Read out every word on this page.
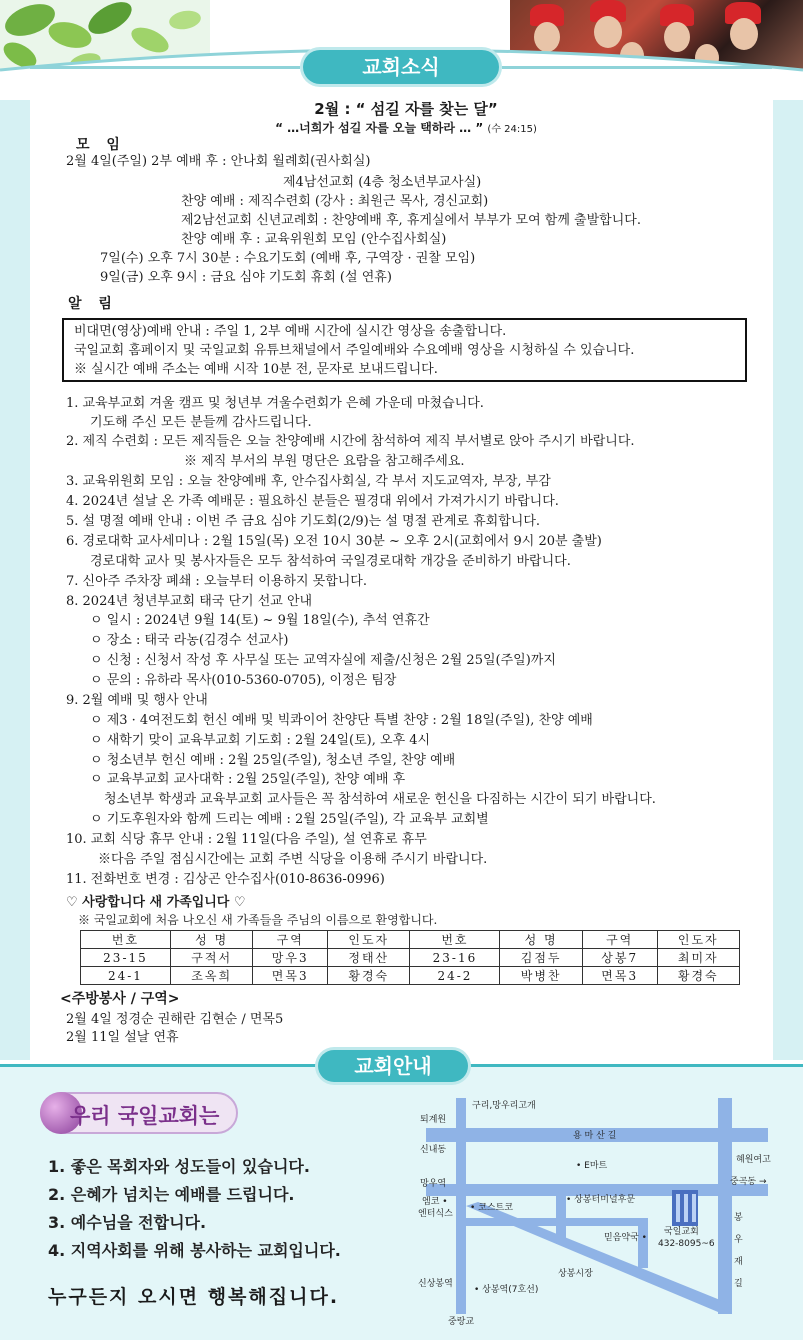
교회소식
2월 : “ 섬길 자를 찾는 달”
“ …너희가 섬길 자를 오늘 택하라 … ” (수 24:15)
모 임
2월 4일(주일) 2부 예배 후 : 안나회 월례회(권사회실)
제4남선교회 (4층 청소년부교사실)
찬양 예배 : 제직수련회 (강사 : 최원근 목사, 경신교회)
제2남선교회 신년교례회 : 찬양예배 후, 휴게실에서 부부가 모여 함께 출발합니다.
찬양 예배 후 : 교육위원회 모임 (안수집사회실)
7일(수) 오후 7시 30분 : 수요기도회 (예배 후, 구역장 · 권찰 모임)
9일(금) 오후 9시 : 금요 심야 기도회 휴회 (설 연휴)
알 림
비대면(영상)예배 안내 : 주일 1, 2부 예배 시간에 실시간 영상을 송출합니다.
국일교회 홈페이지 및 국일교회 유튜브채널에서 주일예배와 수요예배 영상을 시청하실 수 있습니다.
※ 실시간 예배 주소는 예배 시작 10분 전, 문자로 보내드립니다.
1. 교육부교회 겨울 캠프 및 청년부 겨울수련회가 은혜 가운데 마쳤습니다.
기도해 주신 모든 분들께 감사드립니다.
2. 제직 수련회 : 모든 제직들은 오늘 찬양예배 시간에 참석하여 제직 부서별로 앉아 주시기 바랍니다.
※ 제직 부서의 부원 명단은 요람을 참고해주세요.
3. 교육위원회 모임 : 오늘 찬양예배 후, 안수집사회실, 각 부서 지도교역자, 부장, 부감
4. 2024년 설날 온 가족 예배문 : 필요하신 분들은 필경대 위에서 가져가시기 바랍니다.
5. 설 명절 예배 안내 : 이번 주 금요 심야 기도회(2/9)는 설 명절 관계로 휴회합니다.
6. 경로대학 교사세미나 : 2월 15일(목) 오전 10시 30분 ~ 오후 2시(교회에서 9시 20분 출발)
경로대학 교사 및 봉사자들은 모두 참석하여 국일경로대학 개강을 준비하기 바랍니다.
7. 신아주 주차장 폐쇄 : 오늘부터 이용하지 못합니다.
8. 2024년 청년부교회 태국 단기 선교 안내
ㅇ 일시 : 2024년 9월 14(토) ~ 9월 18일(수), 추석 연휴간
ㅇ 장소 : 태국 라농(김경수 선교사)
ㅇ 신청 : 신청서 작성 후 사무실 또는 교역자실에 제출/신청은 2월 25일(주일)까지
ㅇ 문의 : 유하라 목사(010-5360-0705), 이정은 팀장
9. 2월 예배 및 행사 안내
ㅇ 제3 · 4여전도회 헌신 예배 및 빅콰이어 찬양단 특별 찬양 : 2월 18일(주일), 찬양 예배
ㅇ 새학기 맞이 교육부교회 기도회 : 2월 24일(토), 오후 4시
ㅇ 청소년부 헌신 예배 : 2월 25일(주일), 청소년 주일, 찬양 예배
ㅇ 교육부교회 교사대학 : 2월 25일(주일), 찬양 예배 후
청소년부 학생과 교육부교회 교사들은 꼭 참석하여 새로운 헌신을 다짐하는 시간이 되기 바랍니다.
ㅇ 기도후원자와 함께 드리는 예배 : 2월 25일(주일), 각 교육부 교회별
10. 교회 식당 휴무 안내 : 2월 11일(다음 주일), 설 연휴로 휴무
※다음 주일 점심시간에는 교회 주변 식당을 이용해 주시기 바랍니다.
11. 전화번호 변경 : 김상곤 안수집사(010-8636-0996)
♡ 사랑합니다 새 가족입니다 ♡
※ 국일교회에 처음 나오신 새 가족들을 주님의 이름으로 환영합니다.
번호	성 명	구역	인도자	번호	성 명	구역	인도자
23-15	구적서	망우3	정태산	23-16	김점두	상봉7	최미자
24-1	조옥희	면목3	황경숙	24-2	박병찬	면목3	황경숙
<주방봉사 / 구역>
2월 4일 정경순 권해란 김현순 / 면목5
2월 11일 설날 연휴
교회안내
우리 국일교회는
1. 좋은 목회자와 성도들이 있습니다.
2. 은혜가 넘치는 예배를 드립니다.
3. 예수님을 전합니다.
4. 지역사회를 위해 봉사하는 교회입니다.
누구든지 오시면 행복해집니다.
구리,망우리고개
퇴계원
용 마 산 길
신내동
혜원여고
• E마트
망우역	중곡동 →
엠코 •
엔터식스
• 코스트코
• 상봉터미널후문
믿음약국 •
국일교회
432-8095~6
봉
우
재
길
상봉시장
신상봉역
• 상봉역(7호선)
중랑교
